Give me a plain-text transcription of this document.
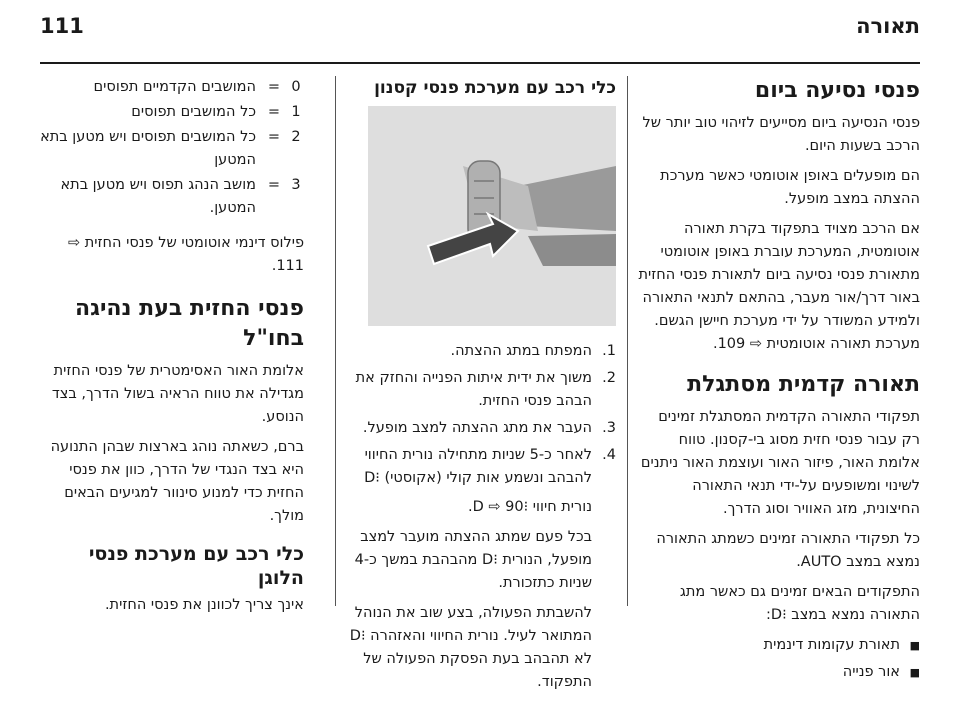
תאורה
111
פנסי נסיעה ביום

פנסי הנסיעה ביום מסייעים לזיהוי טוב יותר של הרכב בשעות היום.

הם מופעלים באופן אוטומטי כאשר מערכת ההצתה במצב מופעל.

אם הרכב מצויד בתפקוד בקרת תאורה אוטומטית, המערכת עוברת באופן אוטומטי מתאורת פנסי נסיעה ביום לתאורת פנסי החזית באור דרך/אור מעבר, בהתאם לתנאי התאורה ולמידע המשודר על ידי מערכת חיישן הגשם. מערכת תאורה אוטומטית ⇨ 109.

תאורה קדמית מסתגלת

תפקודי התאורה הקדמית המסתגלת זמינים רק עבור פנסי חזית מסוג בי-קסנון. טווח אלומת האור, פיזור האור ועוצמת האור ניתנים לשינוי ומשופעים על-ידי תנאי התאורה החיצונית, מזג האוויר וסוג הדרך.

כל תפקודי התאורה זמינים כשמתג התאורה נמצא במצב AUTO.

התפקודים הבאים זמינים גם כאשר מתג התאורה נמצא במצב ⁝D:

■ תאורת עקומות דינמית
■ אור פנייה
כלי רכב עם מערכת פנסי קסנון
1.
המפתח במתג ההצתה.
2.
משוך את ידית איתות הפנייה והחזק את הבהב פנסי החזית.
3.
העבר את מתג ההצתה למצב מופעל.
4.
לאחר כ-5 שניות מתחילה נורית החיווי להבהב ונשמע אות קולי (אקוסטי) ⁝D

נורית חיווי ⁝D ⇨ 90.

בכל פעם שמתג ההצתה מועבר למצב מופעל, הנורית ⁝D מהבהבת במשך כ-4 שניות כתזכורת.

להשבתת הפעולה, בצע שוב את הנוהל המתואר לעיל. נורית החיווי והאזהרה ⁝D לא תהבהב בעת הפסקת הפעולה של התפקוד.

0
=
המושבים הקדמיים תפוסים
1
=
כל המושבים תפוסים
2
=
כל המושבים תפוסים ויש מטען בתא המטען
3
=
מושב הנהג תפוס ויש מטען בתא המטען.

פילוס דינמי אוטומטי של פנסי החזית ⇨ 111.

פנסי החזית בעת נהיגה בחו"ל

אלומת האור האסימטרית של פנסי החזית מגדילה את טווח הראיה בשול הדרך, בצד הנוסע.

ברם, כשאתה נוהג בארצות שבהן התנועה היא בצד הנגדי של הדרך, כוון את פנסי החזית כדי למנוע סינוור למגיעים הבאים מולך.

כלי רכב עם מערכת פנסי הלוגן

אינך צריך לכוונן את פנסי החזית.
